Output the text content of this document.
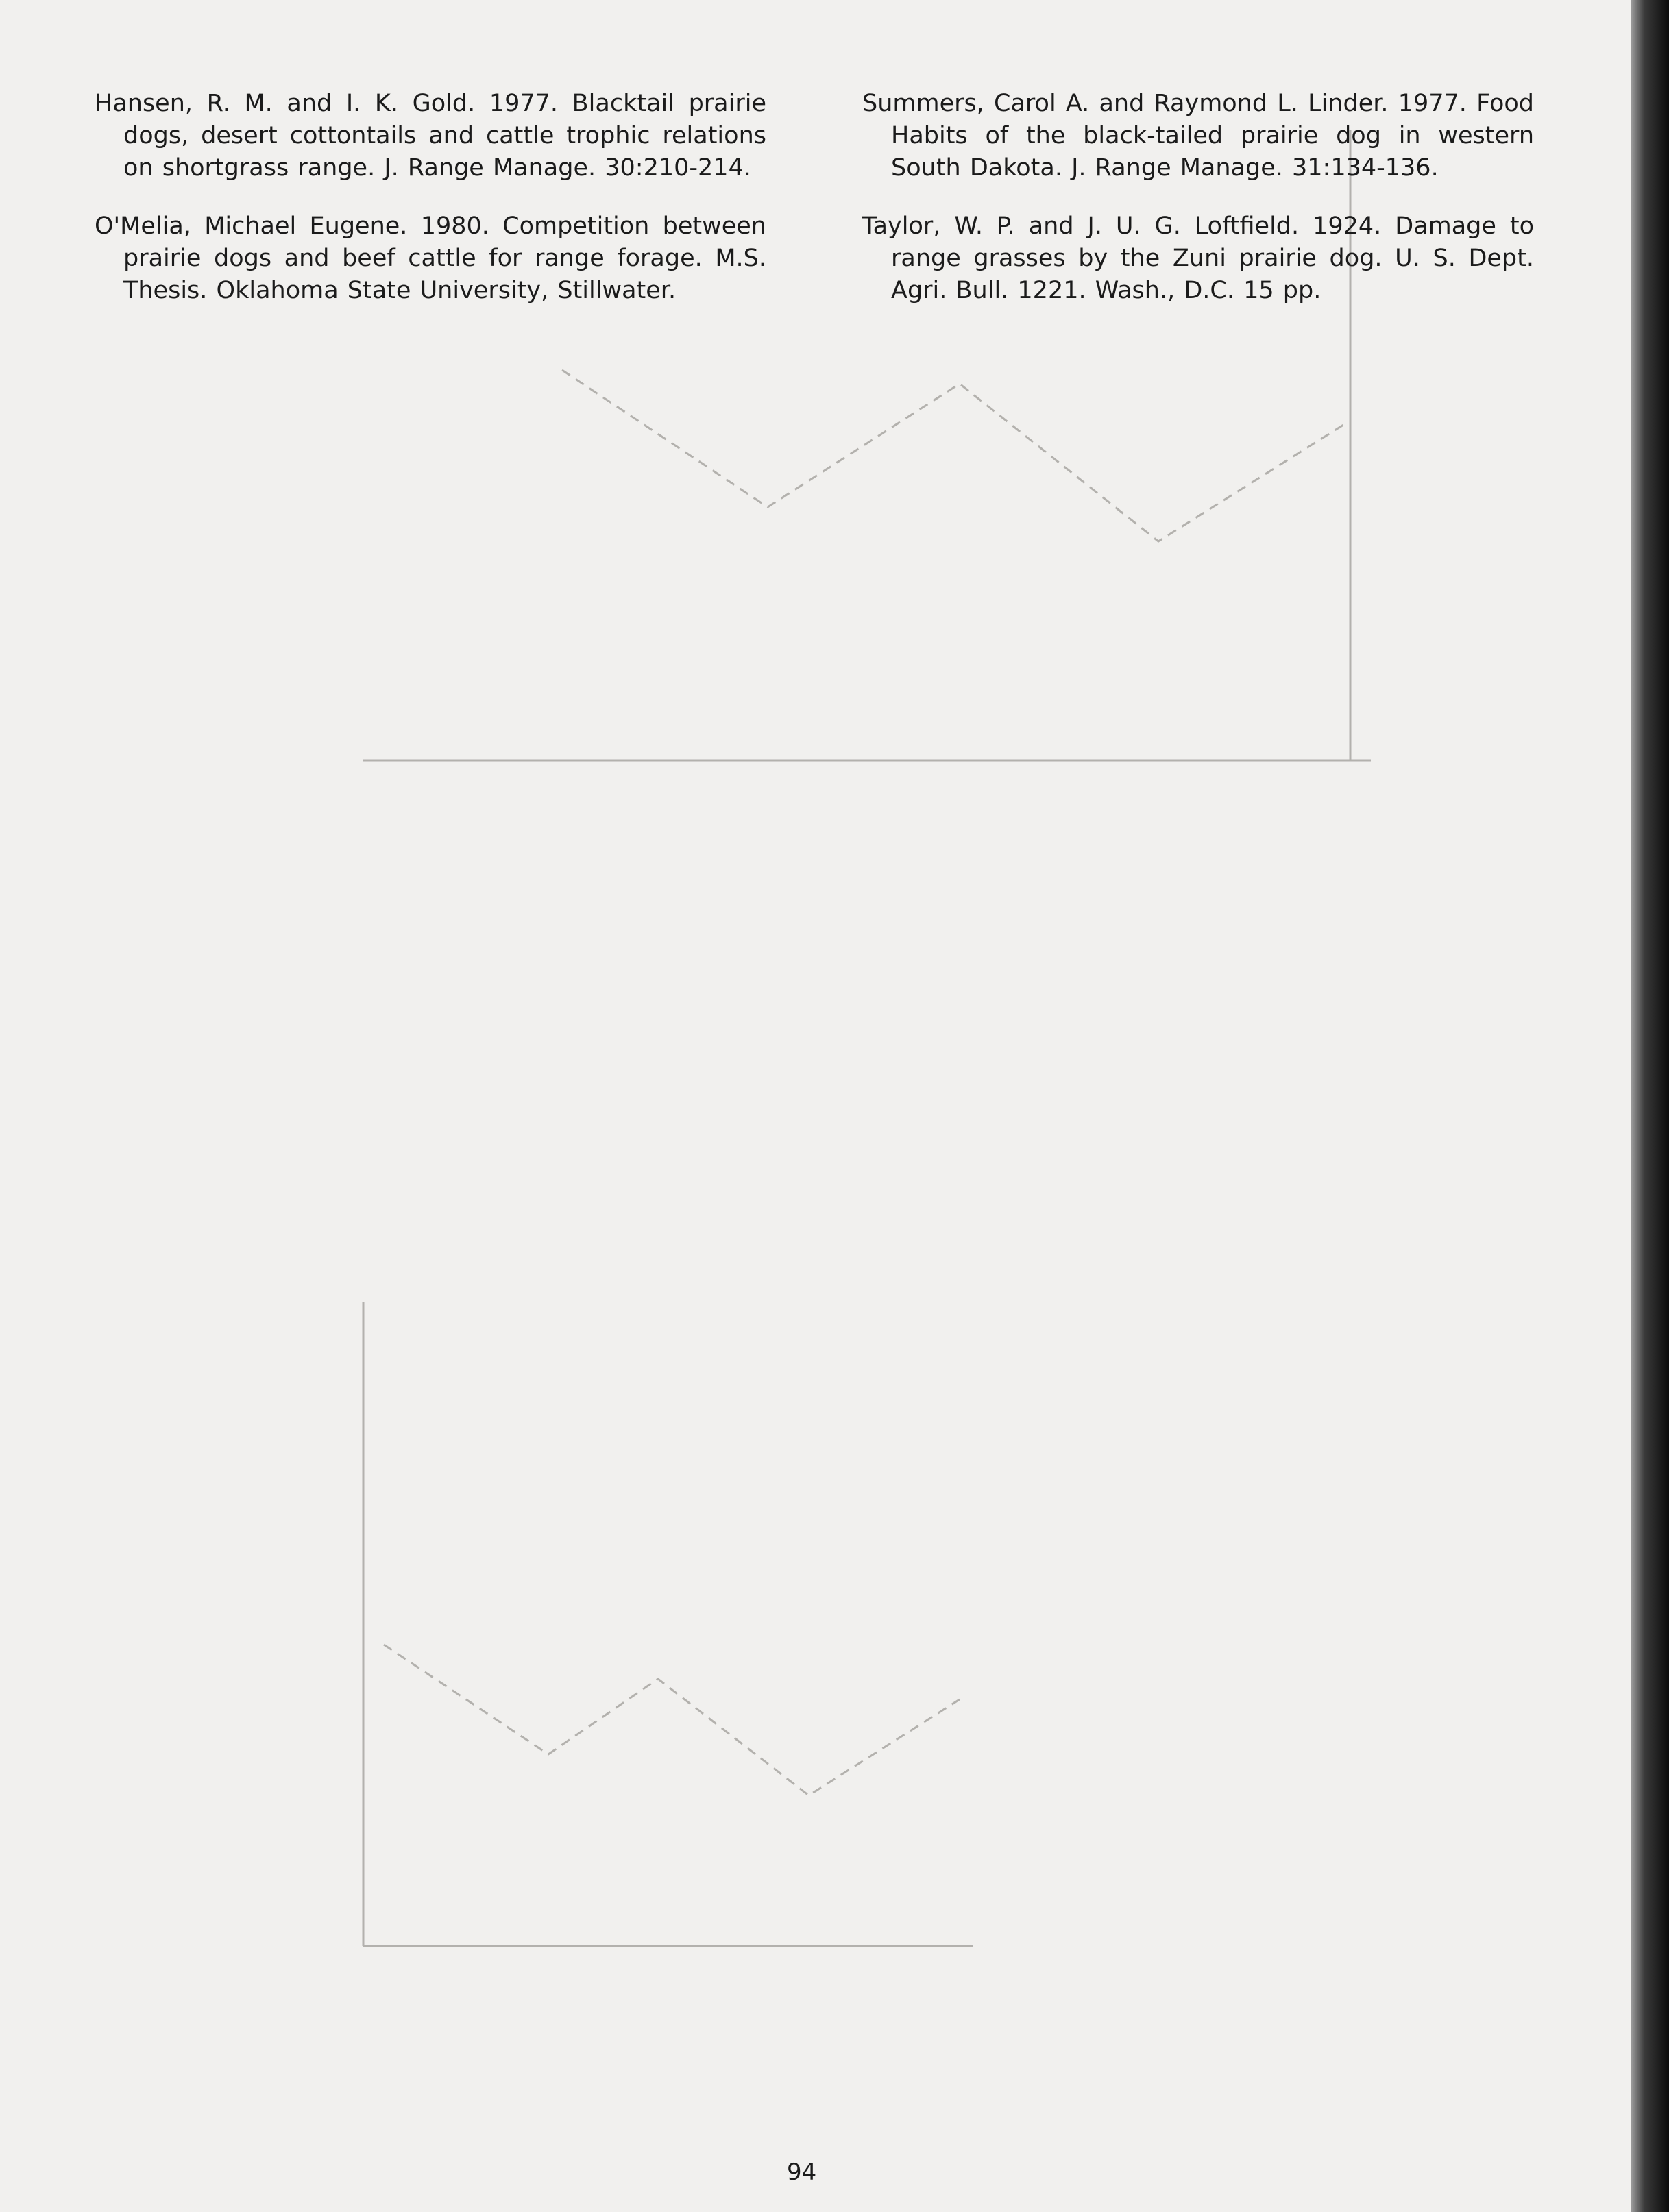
Hansen, R. M. and I. K. Gold. 1977. Blacktail prairie dogs, desert cottontails and cattle trophic relations on shortgrass range. J. Range Manage. 30:210-214.

O'Melia, Michael Eugene. 1980. Competition between prairie dogs and beef cattle for range forage. M.S. Thesis. Oklahoma State University, Stillwater.

Summers, Carol A. and Raymond L. Linder. 1977. Food Habits of the black-tailed prairie dog in western South Dakota. J. Range Manage. 31:134-136.

Taylor, W. P. and J. U. G. Loftfield. 1924. Damage to range grasses by the Zuni prairie dog. U. S. Dept. Agri. Bull. 1221. Wash., D.C. 15 pp.

94
